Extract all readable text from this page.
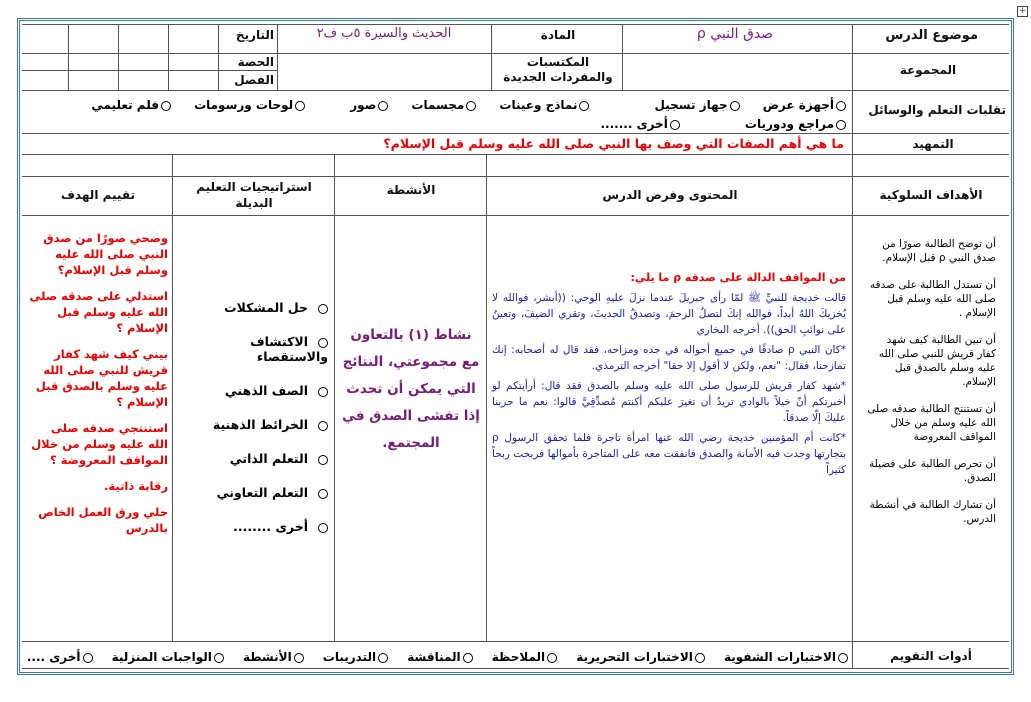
+
موضوع الدرس
صدق النبي ρ
المادة
الحديث والسيرة ٥ب ف٢
التاريخ
المجموعة
المكتسبات والمفردات الجديدة
الحصة
الفصل
تقلبات التعلم والوسائل
أجهزة عرض جهاز تسجيل نماذج وعينات مجسمات صور لوحات ورسومات فلم تعليمي
مراجع ودوريات أخرى .......
التمهيد
ما هي أهم الصفات التي وصف بها النبي صلى الله عليه وسلم قبل الإسلام؟
الأهداف السلوكية
المحتوى وفرض الدرس
الأنشطة
استراتيجيات التعليم البديلة
تقييم الهدف

أن توضح الطالبة صورًا من صدق النبي ρ قبل الإسلام.

أن تستدل الطالبة على صدقه صلى الله عليه وسلم قبل الإسلام .

أن تبين الطالبة كيف شهد كفار قريش للنبي صلى الله عليه وسلم بالصدق قبل الإسلام.

أن تستنتج الطالبة صدقه صلى الله عليه وسلم من خلال المواقف المعروضة

أن تحرص الطالبة على فضيلة الصدق.

أن تشارك الطالبة في أنشطة الدرس.

من المواقف الدالة على صدقه ρ ما يلي:

قالت خديجة للنبيِّ ﷺ لمّا رأى جبريلَ عندما نزلَ عليهِ الوحي: ((أبشر، فوالله لا يُخزيكَ اللهُ أبداً، فوالله إنكَ لتصلُ الرحمَ، وتصدقُ الحديثَ، وتقري الضيفَ، وتعينُ على نوائبِ الحق)). أخرجه البخاري

*كان النبي ρ صادقًا في جميع أحواله في جده ومزاحه، فقد قال له أصحابه: إنك تمازحنا، فقال: "نعم، ولكن لا أقول إلا حقا" أخرجه الترمذي.

*شهد كفار قريش للرسول صلى الله عليه وسلم بالصدق فقد قال: أرأيتكم لو أخبرتكم أنّ خيلاً بالوادي تريدُ أن تغيرَ عليكم أكنتم مُصدِّقِيَّ قالوا: نعم ما جربنا عليكَ إلّا صدقاً.

*كانت أم المؤمنين خديجة رضي الله عنها امرأة تاجرة فلما تحقق الرسول ρ بتجارتها وجدت فيه الأمانة والصدق فاتفقت معه على المتاجرة بأموالها فربحت ربحاً كثيراً

نشاط (١) بالتعاون مع مجموعتي، النتائج التي يمكن أن تحدث إذا تفشى الصدق في المجتمع.
حل المشكلات
الاكتشاف والاستقصاء
الصف الذهني
الخرائط الذهنية
التعلم الذاتي
التعلم التعاوني
أخرى ........

وضحي صورًا من صدق النبي صلى الله عليه وسلم قبل الإسلام؟

استدلي على صدقه صلى الله عليه وسلم قبل الإسلام ؟

بيني كيف شهد كفار قريش للنبي صلى الله عليه وسلم بالصدق قبل الإسلام ؟

استنتجي صدقه صلى الله عليه وسلم من خلال المواقف المعروضة ؟

رقابة ذاتية.

حلي ورق العمل الخاص بالدرس

أدوات التقويم
الاختبارات الشفوية الاختبارات التحريرية الملاحظة المناقشة التدريبات الأنشطة الواجبات المنزلية أخرى ....
